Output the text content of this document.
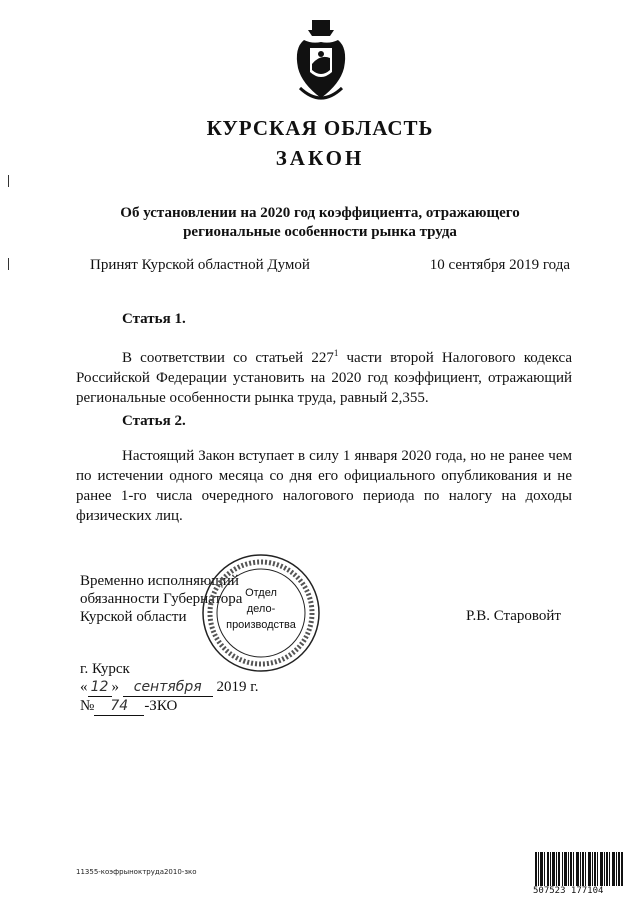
КУРСКАЯ ОБЛАСТЬ
ЗАКОН
Об установлении на 2020 год коэффициента, отражающего
региональные особенности рынка труда
Принят Курской областной Думой	10 сентября 2019 года
Статья 1.
В соответствии со статьей $227^1$ части второй Налогового кодекса Российской Федерации установить на 2020 год коэффициент, отражающий региональные особенности рынка труда, равный 2,355.
Статья 2.
Настоящий Закон вступает в силу 1 января 2020 года, но не ранее чем по истечении одного месяца со дня его официального опубликования и не ранее 1-го числа очередного налогового периода по налогу на доходы физических лиц.
Временно исполняющий
обязанности Губернатора
Курской области
Отдел
дело-
производства
Р.В. Старовойт
г. Курск
« 12 » сентября 2019 г.
№ 74 -ЗКО
11355-коэфрынoктруда2010-зко
507523 177104
